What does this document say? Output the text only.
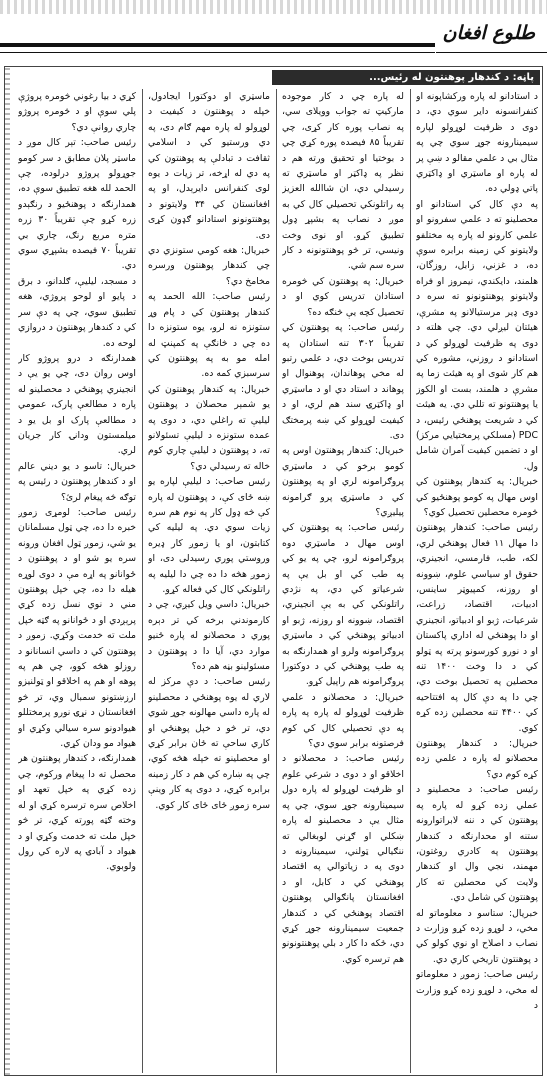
طلوع افغان
پاڼه: د کندهار پوهنتون له رئیس...

د استادانو له پاره ورکشاپونه او کنفرانسونه دایر سوي دي، د دوی د ظرفیت لوړولو لپاره سیمینارونه جوړ سوي چي په مثال بي د علمي مقالو د ښې پر له پاره او ماسټري او ډاکټري پاتي ډولي ده.

په دې کال کي استادانو او محصلینو ته د علمي سفرونو او علمي کارونو له پاره په مختلفو ولایتونو کي زمینه برابره سوې ده، د غزني، زابل، روزگان، هلمند، دایکندي، نیمروز او فراه ولایتونو پوهنتونونو ته سره د دوی ډیر مرستیالانو په مشرې، هیئتان لیږلي دي. چي هلته د دوی په ظرفیت لوړولو کي د استادانو د روزني، مشوره کي هم کار شوی او په هیئت زما په مشرې د هلمند، بست او الکوز یا پوهنتونو ته تللي دي. یه هیئت کي د شریعت پوهنځي رئیس، د PDC (مسلکي پرمختیایي مرکز) او د تضمین کیفیت آمران شامل ول.

خبریال: په کندهار پوهنتون کي اوس مهال په کومو پوهنځیو کي څومره محصلین تحصیل کوي؟

رئیس صاحب: کندهار پوهنتون دا مهال ۱۱ فعال پوهنځي لري، لکه، طب، فارمسي، انجینري، حقوق او سیاسي علوم، ښوونه او روزنه، کمپیوټر ساینس، ادبیات، اقتصاد، زراعت، شرعیات، ژبو او ادبیاتو، انجینري او دا پوهنځي له اداري پاکستان او د نورو کورسونو پرته په ټولو کي د دا وخت ۱۴۰۰ تنه محصلین په تحصیل بوخت دي، چي دا په دې کال په افتتاحیه کي ۴۴۰۰ تنه محصلین زده کړه کوي.

خبریال: د کندهار پوهنتون محصلانو له پاره د علمي زده کړه کوم دي؟

رئیس صاحب: د محصلینو د عملي زده کړو له پاره په پوهنتون کي د ننه لابراتوارونه ستنه او محدارنګه د کندهار پوهنتون په کادري روغتون، مهمند، نجي وال او کندهار ولایت کي محصلین ته کار پوهنتون کي شامل دي.

خبریال: ستاسو د معلوماتو له مخي، د لوړو زده کړو وزارت د نصاب د اصلاح او نوي کولو کي د پوهنتون تاریخي کاري دي.

رئیس صاحب: زموږ د معلوماتو له مخي، د لوړو زده کړو وزارت د

له پاره چي د کار موجوده مارکیټ ته جواب وویلای سي، په نصاب پوره کار کړی، چي تقریباً ۸۵ فیصده پوره کړي چي د بوختیا او تحقیق ورته هم د نظر په ډاکټر او ماسټري ته رسیدلي دي، ان شاالله العزیز په راتلونکي تحصیلي کال کي به موږ د نصاب په بشپړ ډول تطبیق کړو. او نوی وخت ونیسي، تر څو پوهنتونونه د کار سره سم شي.

خبریال: په پوهنتون کي څومره استادان تدریس کوي او د تحصیل کچه یې څنګه ده؟

رئیس صاحب: په پوهنتون کي تقریباً ۳۰۲ تنه استادان په تدریس بوخت دي، د علمي رتبو له مخي پوهاندان، پوهنوال او پوهاند د استاد دي او د ماسټري او ډاکټرۍ سند هم لري، او د کیفیت لوړولو کي ښه پرمختګ دی.

خبریال: کندهار پوهنتون اوس په کومو برخو کي د ماسټري پروګرامونه لري او په پوهنتون کي د ماسټرۍ پرو ګرامونه پیلیږي؟

رئیس صاحب: په پوهنتون کي اوس مهال د ماسټري دوه پروګرامونه لرو، چي په یو کي په طب کي او بل یې په شرعیاتو کي دي، په نژدي راتلونکي کي به یې انجینري، اقتصاد، ښوونه او روزنه، ژبو او ادبیاتو پوهنځي کي د ماسټري پروګرامونه ولرو او همدارنګه به په طب پوهنځي کي د دوکتورا پروګرامونه هم راپیل کړو.

خبریال: د محصلانو د علمي ظرفیت لوړولو له پاره په پاره په دې تحصیلي کال کي کوم فرصتونه برابر سوي دي؟

رئیس صاحب: د محصلانو د اخلاقو او د دوی د شرعي علوم او ظرفیت لوړولو له پاره دول سیمینارونه جوړ سوي، چي په مثال یې د محصلینو له پاره ښکلي او ګړني لوبغالي ته ننګیالي ټولني، سیمینارونه د دوی په د زیاتوالي په اقتصاد پوهنځي کي د کابل، او د افغانستان پانګوالي پوهنتون اقتصاد پوهنځي کي د کندهار جمعیت سیمینارونه جوړ کړي دي، ځکه دا کار د بلي پوهنتونونو هم ترسره کوي.

ماسټري او دوکتورا ایجادول، خپله د پوهنتون د کیفیت د لوړولو له پاره مهم ګام دی، په دي ورستیو کي د اسلامي ثقافت د تبادلې په پوهنتون کي په دي له اړخه، تر زیات د یوه لوی کنفرانس دایرېدل، او په افغانستان کي ۳۴ ولایتونو د پوهنتونونو استادانو ګډون کړی دی.

خبریال: هغه کومي ستونزي دي چي کندهار پوهنتون ورسره مخامخ دي؟

رئیس صاحب: الله الحمد په کندهار پوهنتون کي د پام وړ ستونزه نه لرو، یوه ستونزه دا ده چي د څانګې په کمپنټ له امله مو به په پوهنتون کي سرسبزي کمه ده.

خبریال: په کندهار پوهنتون کي یو شمېر محصلان د پوهنتون لیلیې ته راغلي دي، د دوی په عمده ستونزه د لیلیې تسئولانو ته، د پوهنتون د لیلیې چاري کوم خاله ته رسیدلي دي؟

رئیس صاحب: د لیلیې لپاره یو ښه ځای کې، د پوهنتون له پاره کې څه ډول کار په نوم هم سره زیات سوي دي. په لیلیه کي کتابتون، او یا زموږ کار ډیره وروستي پوري رسیدلی دی، او زموږ هڅه دا ده چي دا لیلیه په راتلونکي کال کي فعاله کړو.

خبریال: داسي ویل کیږي، چي د کارموندني برخه کي تر دېره پوري د محصلانو له پاره ځنیو موارد دي، آیا دا د پوهنتون د مسئولینو بڼه هم ده؟

رئیس صاحب: د دې مرکز له لاري له یوه پوهنځي د محصلینو له پاره داسي مهالونه جوړ شوي دي، تر څو د خپل پوهنځي او کاري ساحې ته ځان برابر کړي او محصلینو ته خپله هڅه کوي، چي په ښاره کي هم د کار زمینه برابره کړي، د دوی په کار وینې سره زموږ ځای ځای کار کوي.

کړي د بیا رغوني څومره پروژې پلي سوې او د څومره پروژو چاري روانې دي؟

رئیس صاحب: تېر کال موږ د ماسټر پلان مطابق د سر کومو جوړولو پروژو درلوده، چې الحمد لله هغه تطبیق سوې ده، همدارنګه د پوهنځیو د رنګېدو زره کړو چې تقریباً ۳۰ زره متره مربع رنګ، چاري بي تقریباً ۷۰ فیصده بشپړي سوي دي.

د مسجد، لیلیې، ګلدانو، د برق د پایو او لوحو پروژي، هغه تطبیق سوي، چي په دې سر کي د کندهار پوهنتون د دروازي لوحه ده.

همدارنګه د درو پروژو کار اوس روان دی، چي یو یې د انجینري پوهنځي د محصلینو له پاره د مطالعې پارک، عمومي د مطالعې پارک او بل یو د میلمستون ودانۍ کار جریان لري.

خبریال: تاسو د یو دیني عالم او د کندهار پوهنتون د رئیس په توګه څه پیغام لرئ؟

رئیس صاحب: لومړی زموږ خبره دا ده، چي ټول مسلمانان یو شي، زموږ ټول افغان ورونه سره یو شو او د پوهنتون د ځوانانو په اړه مې د دوی لوړه هیله دا ده، چي خپل پوهنتون مني د نوي نسل زده کړي پرېږدي او د ځوانانو په ګټه خپل ملت ته خدمت وکړي. زموږ د پوهنتون کي د داسي انسانانو د روزلو هڅه کوو، چي هم په پوهه او هم په اخلاقو او ټولنیزو ارزښتونو سمبال وي، تر څو افغانستان د نړۍ نورو پرمختللو هیوادونو سره سیالي وکړي او هیواد مو ودان کړي.

همدارنګه، د کندهار پوهنتون هر محصل ته دا پیغام ورکوم، چي زده کړي په خپل تعهد او اخلاص سره ترسره کړي او له وخته ګټه پورته کړي، تر څو خپل ملت ته خدمت وکړي او د هیواد د آبادۍ په لاره کي رول ولوبوي.
